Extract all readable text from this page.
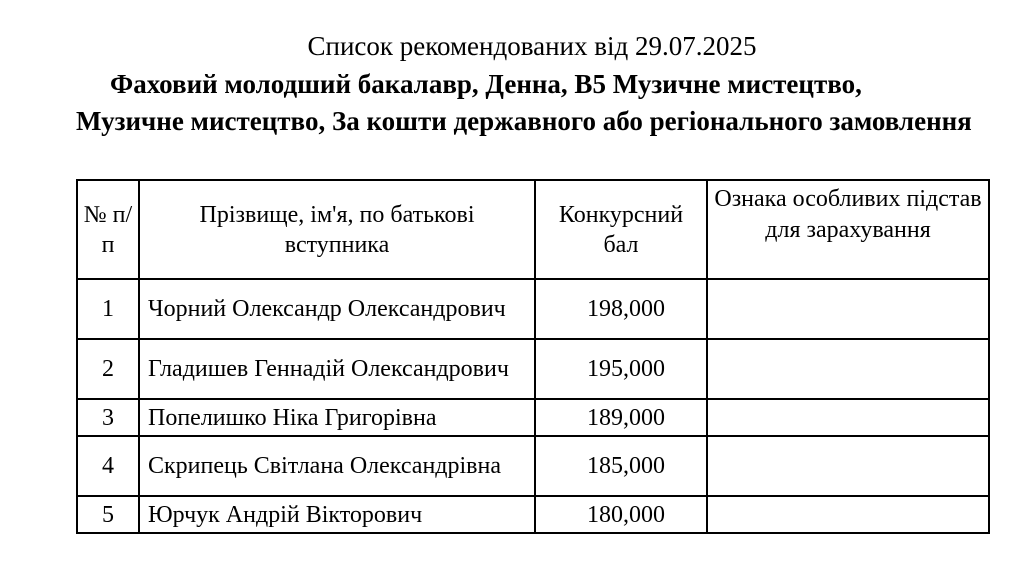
Список рекомендованих від 29.07.2025
Фаховий молодший бакалавр, Денна, В5 Музичне мистецтво, Музичне мистецтво, За кошти державного або регіонального замовлення
№ п/п	Прізвище, ім'я, по батькові вступника	Конкурсний бал	Ознака особливих підстав для зарахування
1	Чорний Олександр Олександрович	198,000	
2	Гладишев Геннадій Олександрович	195,000	
3	Попелишко Ніка Григорівна	189,000	
4	Скрипець Світлана Олександрівна	185,000	
5	Юрчук Андрій Вікторович	180,000	
